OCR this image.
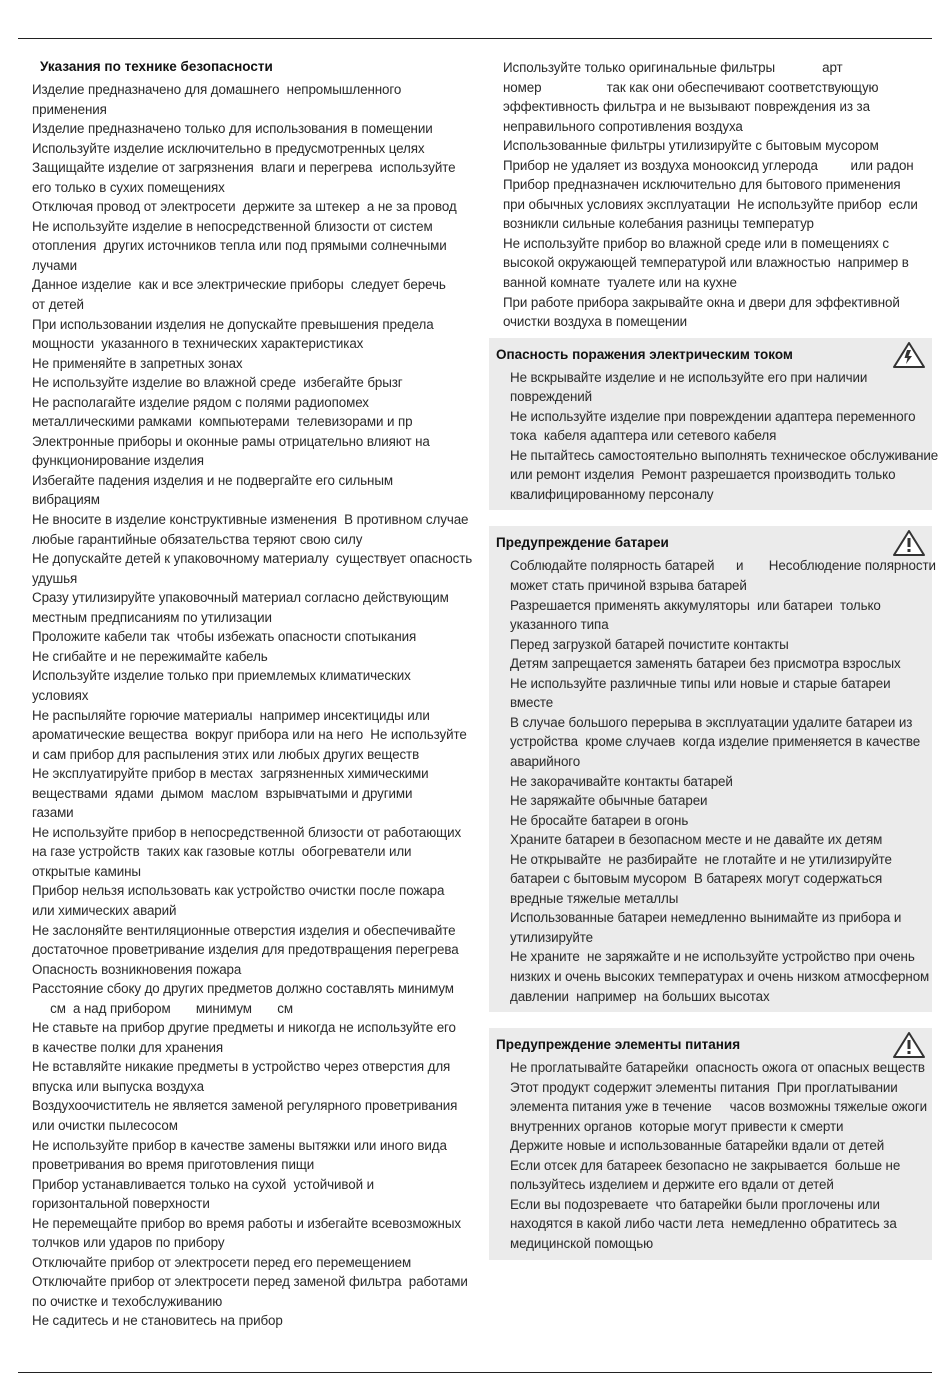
Указания по технике безопасности
Изделие предназначено для домашнего  непромышленного
применения
Изделие предназначено только для использования в помещении
Используйте изделие исключительно в предусмотренных целях
Защищайте изделие от загрязнения  влаги и перегрева  используйте
его только в сухих помещениях
Отключая провод от электросети  держите за штекер  а не за провод
Не используйте изделие в непосредственной близости от систем
отопления  других источников тепла или под прямыми солнечными
лучами
Данное изделие  как и все электрические приборы  следует беречь
от детей
При использовании изделия не допускайте превышения предела
мощности  указанного в технических характеристиках
Не применяйте в запретных зонах
Не используйте изделие во влажной среде  избегайте брызг
Не располагайте изделие рядом с полями радиопомех
металлическими рамками  компьютерами  телевизорами и пр
Электронные приборы и оконные рамы отрицательно влияют на
функционирование изделия
Избегайте падения изделия и не подвергайте его сильным
вибрациям
Не вносите в изделие конструктивные изменения  В противном случае
любые гарантийные обязательства теряют свою силу
Не допускайте детей к упаковочному материалу  существует опасность
удушья
Сразу утилизируйте упаковочный материал согласно действующим
местным предписаниям по утилизации
Проложите кабели так  чтобы избежать опасности спотыкания
Не сгибайте и не пережимайте кабель
Используйте изделие только при приемлемых климатических
условиях
Не распыляйте горючие материалы  например инсектициды или
ароматические вещества  вокруг прибора или на него  Не используйте
и сам прибор для распыления этих или любых других веществ
Не эксплуатируйте прибор в местах  загрязненных химическими
веществами  ядами  дымом  маслом  взрывчатыми и другими
газами
Не используйте прибор в непосредственной близости от работающих
на газе устройств  таких как газовые котлы  обогреватели или
открытые камины
Прибор нельзя использовать как устройство очистки после пожара
или химических аварий
Не заслоняйте вентиляционные отверстия изделия и обеспечивайте
достаточное проветривание изделия для предотвращения перегрева
Опасность возникновения пожара
Расстояние сбоку до других предметов должно составлять минимум
см  а над прибором       минимум       см
Не ставьте на прибор другие предметы и никогда не используйте его
в качестве полки для хранения
Не вставляйте никакие предметы в устройство через отверстия для
впуска или выпуска воздуха
Воздухоочиститель не является заменой регулярного проветривания
или очистки пылесосом
Не используйте прибор в качестве замены вытяжки или иного вида
проветривания во время приготовления пищи
Прибор устанавливается только на сухой  устойчивой и
горизонтальной поверхности
Не перемещайте прибор во время работы и избегайте всевозможных
толчков или ударов по прибору
Отключайте прибор от электросети перед его перемещением
Отключайте прибор от электросети перед заменой фильтра  работами
по очистке и техобслуживанию
Не садитесь и не становитесь на прибор
Используйте только оригинальные фильтры             арт
номер                  так как они обеспечивают соответствующую
эффективность фильтра и не вызывают повреждения из за
неправильного сопротивления воздуха
Использованные фильтры утилизируйте с бытовым мусором
Прибор не удаляет из воздуха монооксид углерода         или радон
Прибор предназначен исключительно для бытового применения
при обычных условиях эксплуатации  Не используйте прибор  если
возникли сильные колебания разницы температур
Не используйте прибор во влажной среде или в помещениях с
высокой окружающей температурой или влажностью  например в
ванной комнате  туалете или на кухне
При работе прибора закрывайте окна и двери для эффективной
очистки воздуха в помещении
Опасность поражения электрическим током
Не вскрывайте изделие и не используйте его при наличии
повреждений
Не используйте изделие при повреждении адаптера переменного
тока  кабеля адаптера или сетевого кабеля
Не пытайтесь самостоятельно выполнять техническое обслуживание
или ремонт изделия  Ремонт разрешается производить только
квалифицированному персоналу
Предупреждение батареи
Соблюдайте полярность батарей      и       Несоблюдение полярности
может стать причиной взрыва батарей
Разрешается применять аккумуляторы  или батареи  только
указанного типа
Перед загрузкой батарей почистите контакты
Детям запрещается заменять батареи без присмотра взрослых
Не используйте различные типы или новые и старые батареи
вместе
В случае большого перерыва в эксплуатации удалите батареи из
устройства  кроме случаев  когда изделие применяется в качестве
аварийного
Не закорачивайте контакты батарей
Не заряжайте обычные батареи
Не бросайте батареи в огонь
Храните батареи в безопасном месте и не давайте их детям
Не открывайте  не разбирайте  не глотайте и не утилизируйте
батареи с бытовым мусором  В батареях могут содержаться
вредные тяжелые металлы
Использованные батареи немедленно вынимайте из прибора и
утилизируйте
Не храните  не заряжайте и не используйте устройство при очень
низких и очень высоких температурах и очень низком атмосферном
давлении  например  на больших высотах
Предупреждение элементы питания
Не проглатывайте батарейки  опасность ожога от опасных веществ
Этот продукт содержит элементы питания  При проглатывании
элемента питания уже в течение     часов возможны тяжелые ожоги
внутренних органов  которые могут привести к смерти
Держите новые и использованные батарейки вдали от детей
Если отсек для батареек безопасно не закрывается  больше не
пользуйтесь изделием и держите его вдали от детей
Если вы подозреваете  что батарейки были проглочены или
находятся в какой либо части лета  немедленно обратитесь за
медицинской помощью
